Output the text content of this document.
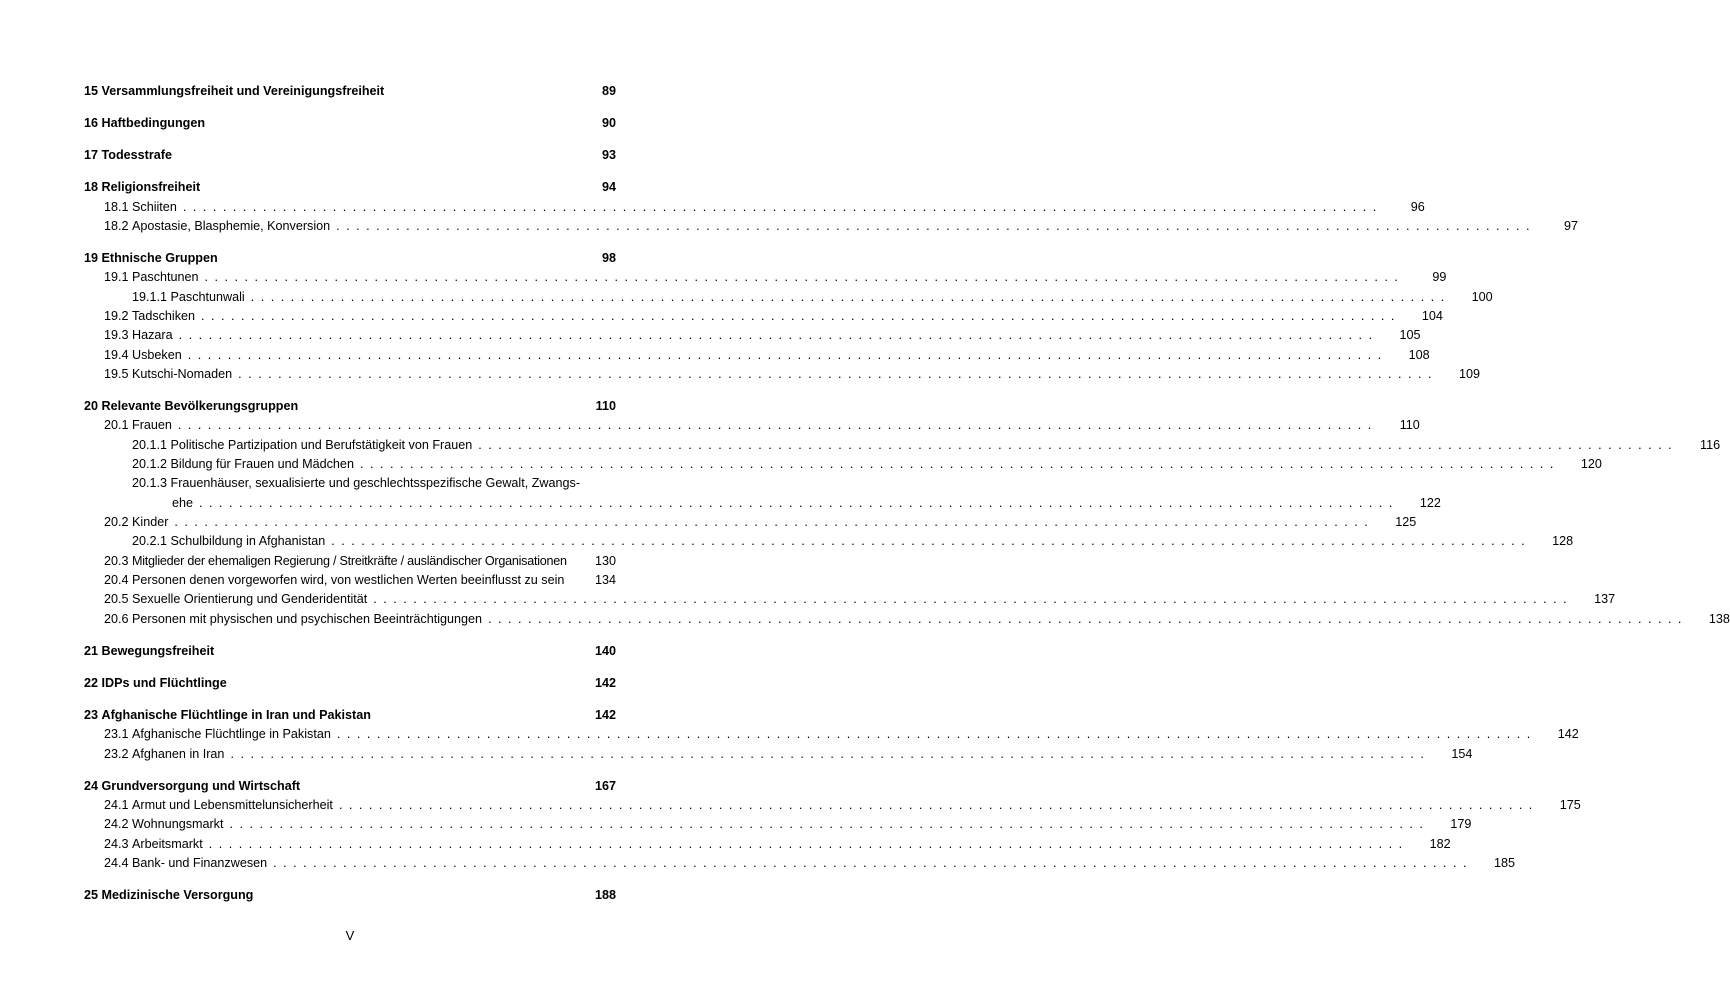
15
Versammlungsfreiheit und Vereinigungsfreiheit	89
16
Haftbedingungen	90
17
Todesstrafe	93
18
Religionsfreiheit	94
18.1
Schiiten ........................................................................................................................	96
18.2
Apostasie, Blasphemie, Konversion ........................................................................................................................	97
19
Ethnische Gruppen	98
19.1
Paschtunen ........................................................................................................................	99
19.1.1
Paschtunwali ........................................................................................................................	100
19.2
Tadschiken ........................................................................................................................	104
19.3
Hazara ........................................................................................................................	105
19.4
Usbeken ........................................................................................................................	108
19.5
Kutschi-Nomaden ........................................................................................................................	109
20
Relevante Bevölkerungsgruppen	110
20.1
Frauen ........................................................................................................................	110
20.1.1
Politische Partizipation und Berufstätigkeit von Frauen ........................................................................................................................	116
20.1.2
Bildung für Frauen und Mädchen ........................................................................................................................	120
20.1.3
Frauenhäuser, sexualisierte und geschlechtsspezifische Gewalt, Zwangs-
ehe ........................................................................................................................	122
20.2
Kinder ........................................................................................................................	125
20.2.1
Schulbildung in Afghanistan ........................................................................................................................	128
20.3
Mitglieder der ehemaligen Regierung / Streitkräfte / ausländischer Organisationen	130
20.4
Personen denen vorgeworfen wird, von westlichen Werten beeinflusst zu sein	134
20.5
Sexuelle Orientierung und Genderidentität ........................................................................................................................	137
20.6
Personen mit physischen und psychischen Beeinträchtigungen ........................................................................................................................	138
21
Bewegungsfreiheit	140
22
IDPs und Flüchtlinge	142
23
Afghanische Flüchtlinge in Iran und Pakistan	142
23.1
Afghanische Flüchtlinge in Pakistan ........................................................................................................................	142
23.2
Afghanen in Iran ........................................................................................................................	154
24
Grundversorgung und Wirtschaft	167
24.1
Armut und Lebensmittelunsicherheit ........................................................................................................................	175
24.2
Wohnungsmarkt ........................................................................................................................	179
24.3
Arbeitsmarkt ........................................................................................................................	182
24.4
Bank- und Finanzwesen ........................................................................................................................	185
25
Medizinische Versorgung	188
V
